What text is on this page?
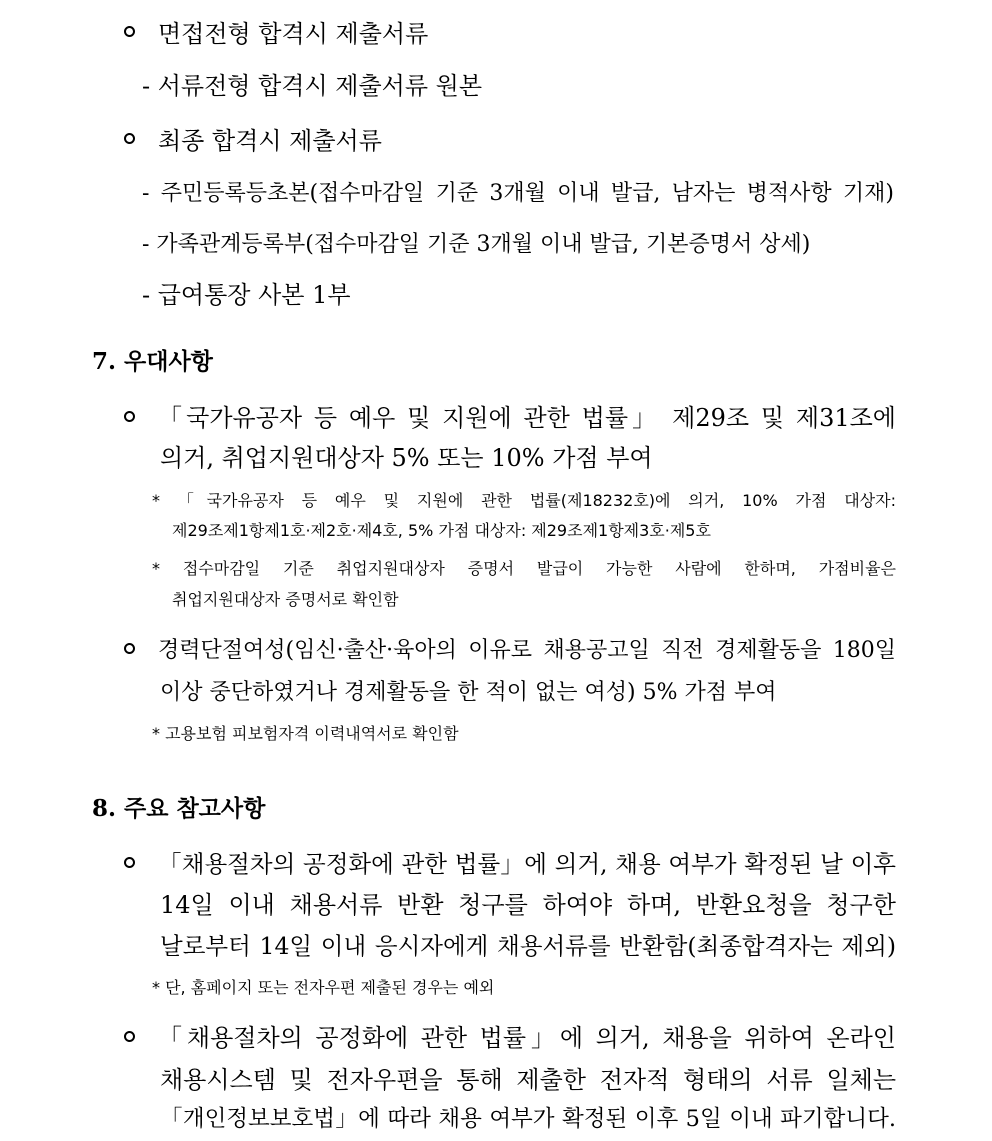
면접전형 합격시 제출서류
- 서류전형 합격시 제출서류 원본
최종 합격시 제출서류
- 주민등록등초본(접수마감일 기준 3개월 이내 발급, 남자는 병적사항 기재)
- 가족관계등록부(접수마감일 기준 3개월 이내 발급, 기본증명서 상세)
- 급여통장 사본 1부
7. 우대사항
「국가유공자 등 예우 및 지원에 관한 법률」 제29조 및 제31조에
의거, 취업지원대상자 5% 또는 10% 가점 부여
* 「국가유공자 등 예우 및 지원에 관한 법률(제18232호)에 의거, 10% 가점 대상자:
제29조제1항제1호·제2호·제4호, 5% 가점 대상자: 제29조제1항제3호·제5호
* 접수마감일 기준 취업지원대상자 증명서 발급이 가능한 사람에 한하며, 가점비율은
취업지원대상자 증명서로 확인함
경력단절여성(임신·출산·육아의 이유로 채용공고일 직전 경제활동을 180일
이상 중단하였거나 경제활동을 한 적이 없는 여성) 5% 가점 부여
* 고용보험 피보험자격 이력내역서로 확인함
8. 주요 참고사항
「채용절차의 공정화에 관한 법률」에 의거, 채용 여부가 확정된 날 이후
14일 이내 채용서류 반환 청구를 하여야 하며, 반환요청을 청구한
날로부터 14일 이내 응시자에게 채용서류를 반환함(최종합격자는 제외)
* 단, 홈페이지 또는 전자우편 제출된 경우는 예외
「채용절차의 공정화에 관한 법률」에 의거, 채용을 위하여 온라인
채용시스템 및 전자우편을 통해 제출한 전자적 형태의 서류 일체는
「개인정보보호법」에 따라 채용 여부가 확정된 이후 5일 이내 파기합니다.
